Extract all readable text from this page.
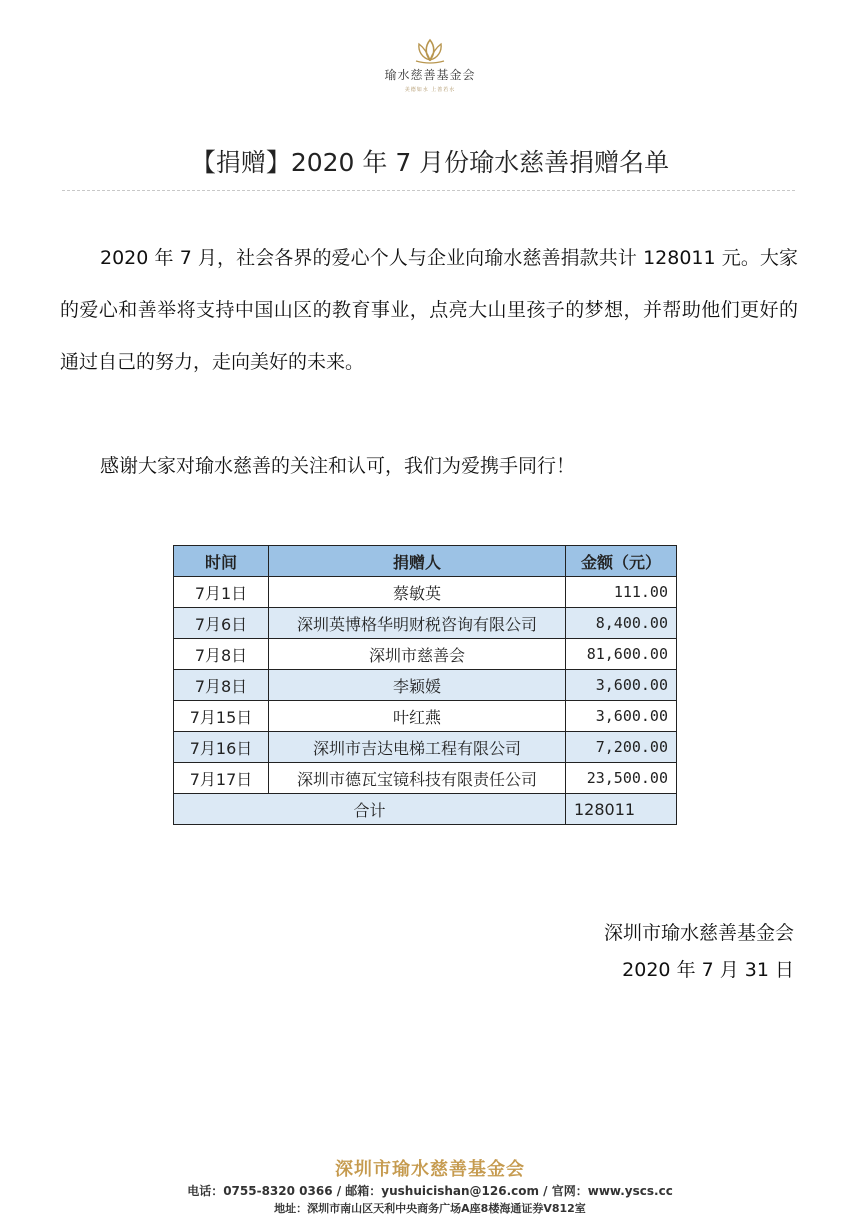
瑜水慈善基金会
美德如水 上善若水
【捐赠】2020 年 7 月份瑜水慈善捐赠名单
2020 年 7 月，社会各界的爱心个人与企业向瑜水慈善捐款共计 128011 元。大家的爱心和善举将支持中国山区的教育事业，点亮大山里孩子的梦想，并帮助他们更好的通过自己的努力，走向美好的未来。
感谢大家对瑜水慈善的关注和认可，我们为爱携手同行！
时间	捐赠人	金额（元）
7月1日	蔡敏英	111.00
7月6日	深圳英博格华明财税咨询有限公司	8,400.00
7月8日	深圳市慈善会	81,600.00
7月8日	李颖媛	3,600.00
7月15日	叶红燕	3,600.00
7月16日	深圳市吉达电梯工程有限公司	7,200.00
7月17日	深圳市德瓦宝镜科技有限责任公司	23,500.00
合计		128011
深圳市瑜水慈善基金会
2020 年 7 月 31 日
深圳市瑜水慈善基金会
电话：0755-8320 0366 / 邮箱：yushuicishan@126.com / 官网：www.yscs.cc
地址：深圳市南山区天利中央商务广场A座8楼海通证券V812室
